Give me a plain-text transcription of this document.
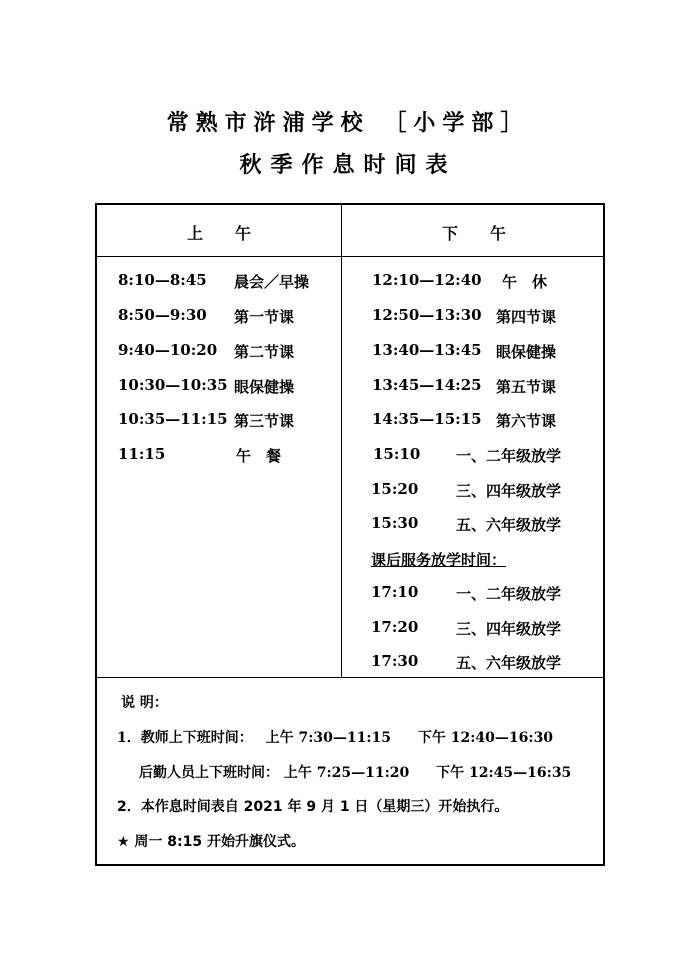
常熟市浒浦学校 ［小学部］
秋季作息时间表
上　　午	下　　午
8:10—8:45 晨会／早操
8:50—9:30 第一节课
9:40—10:20 第二节课
10:30—10:35 眼保健操
10:35—11:15 第三节课
11:15	午　餐
12:10—12:40 午　休
12:50—13:30 第四节课
13:40—13:45 眼保健操
13:45—14:25 第五节课
14:35—15:15 第六节课
15:10 一、二年级放学
15:20	三、四年级放学
15:30	五、六年级放学
课后服务放学时间：
17:10	一、二年级放学
17:20	三、四年级放学
17:30	五、六年级放学
说 明：
1．教师上下班时间： 上午 7:30—11:15 下午 12:40—16:30
后勤人员上下班时间： 上午 7:25—11:20 下午 12:45—16:35
2．本作息时间表自 2021 年 9 月 1 日（星期三）开始执行。
★ 周一 8:15 开始升旗仪式。
